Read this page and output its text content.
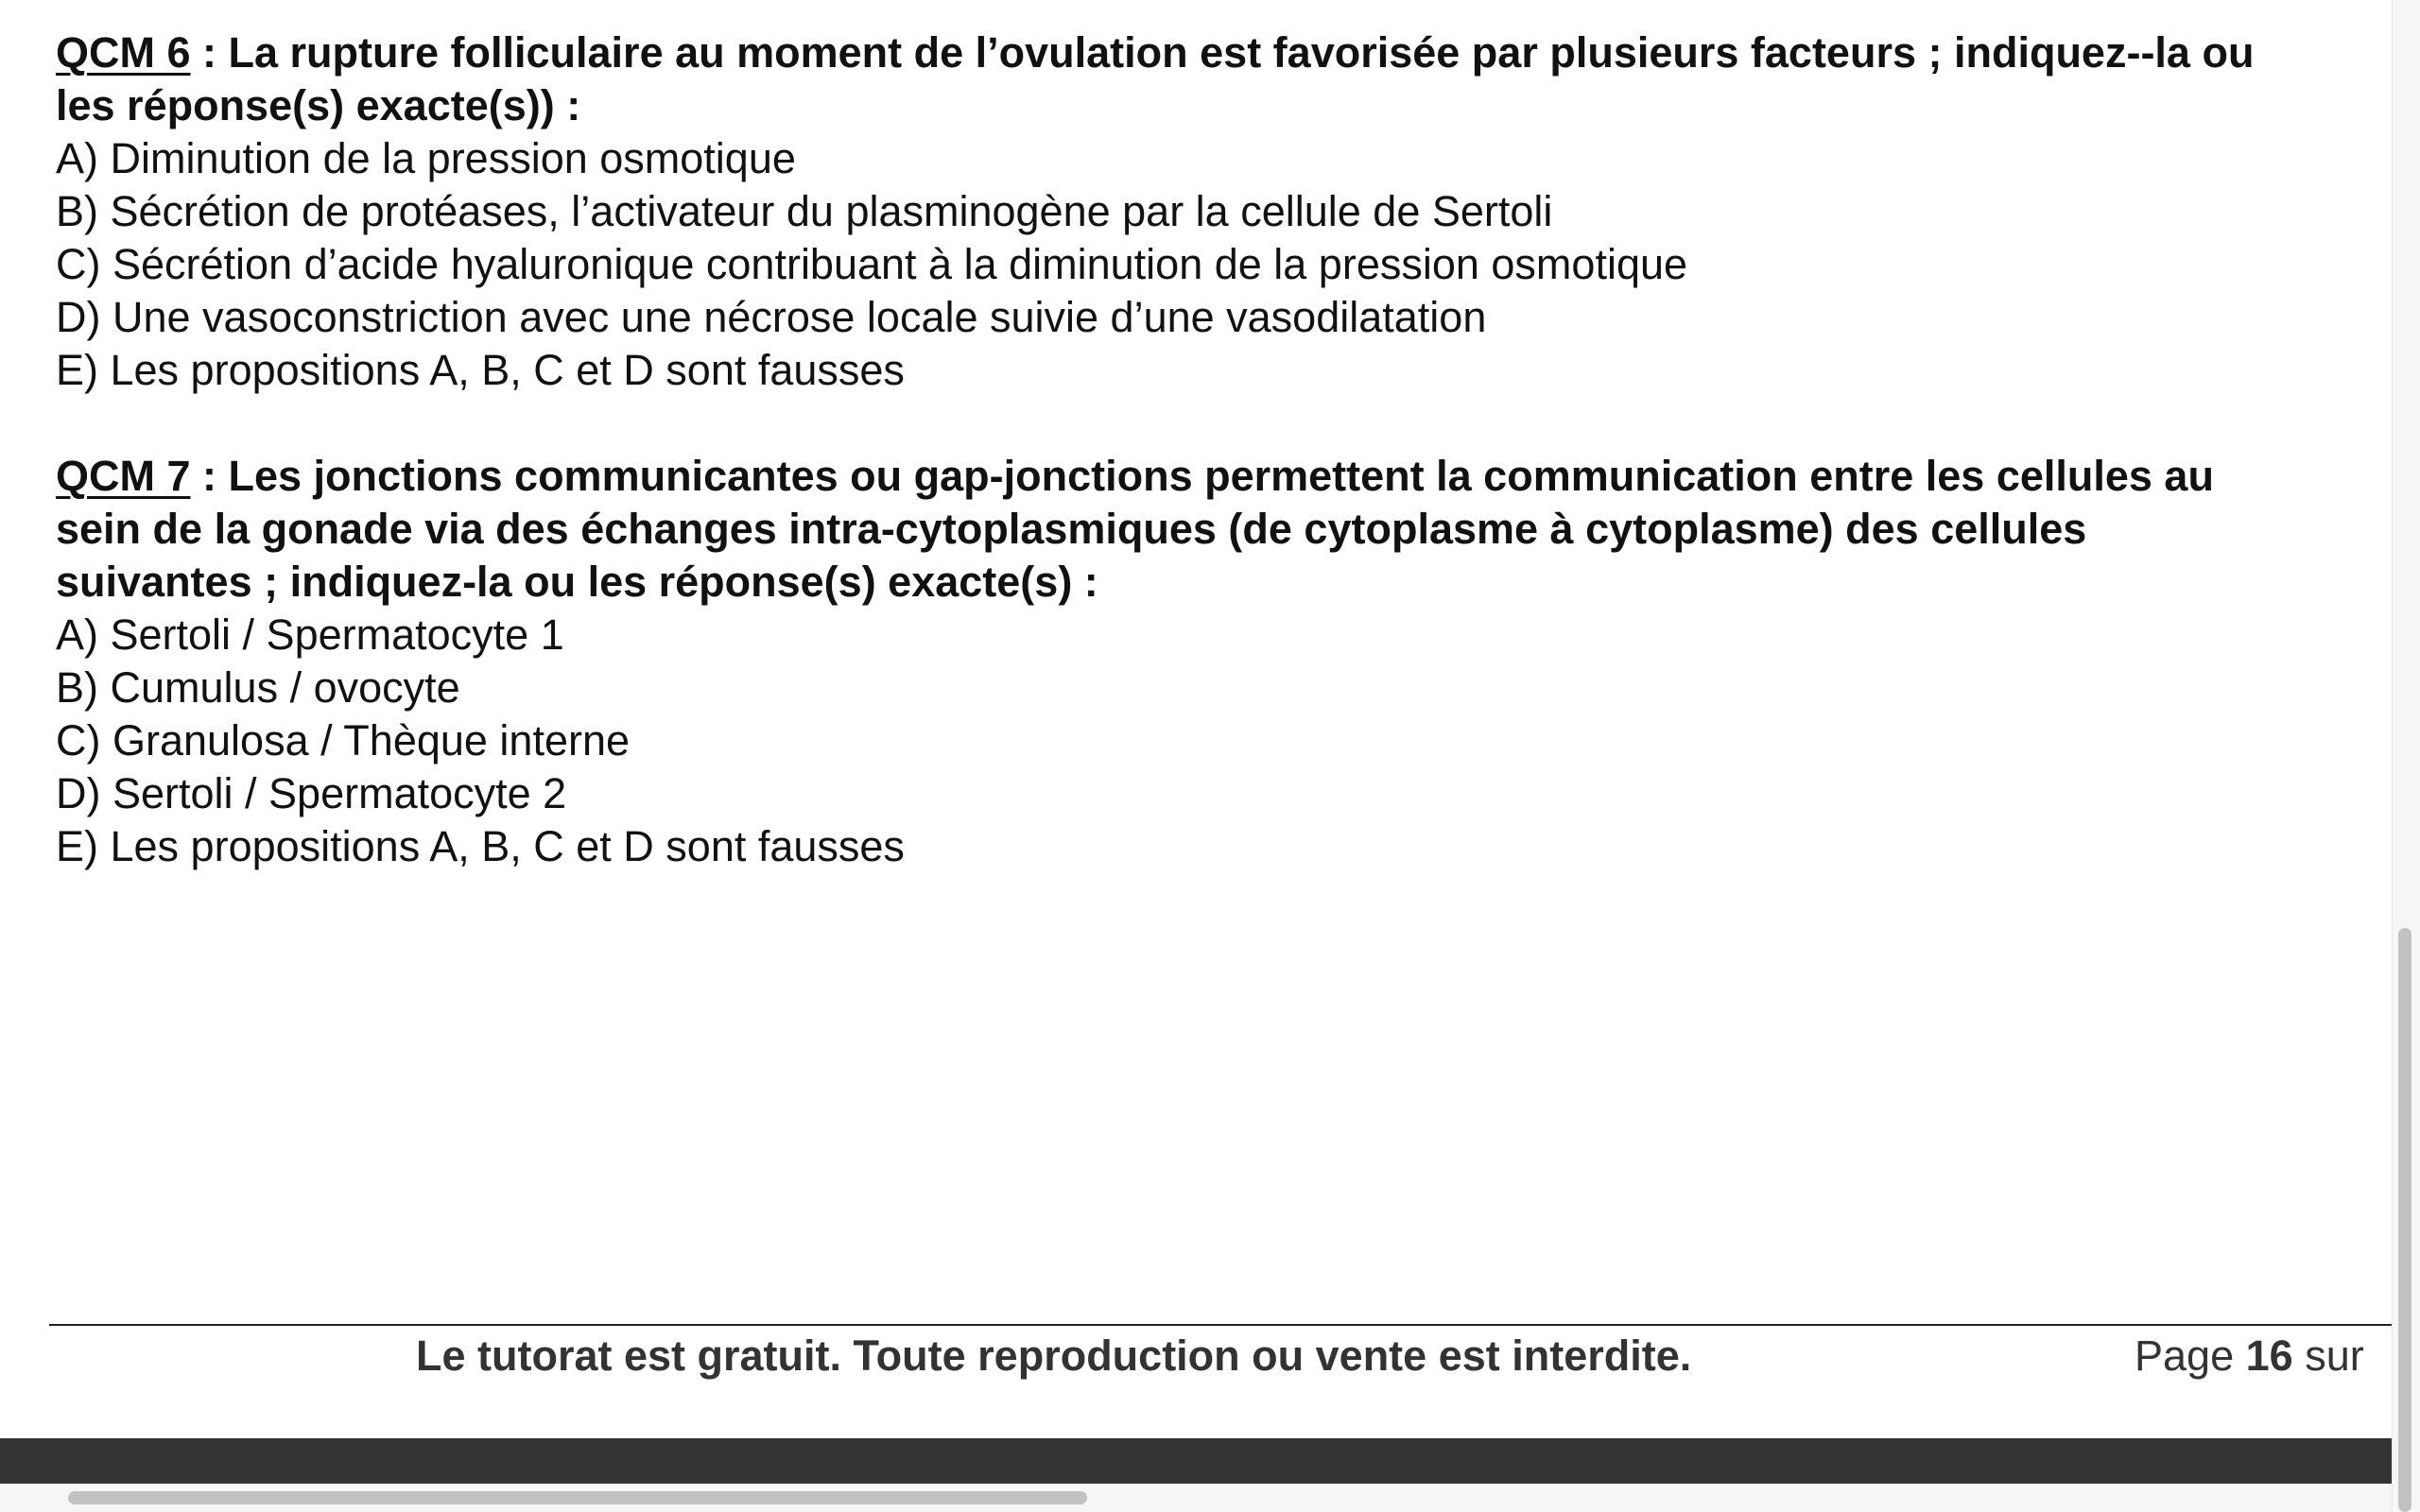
QCM 6 : La rupture folliculaire au moment de l’ovulation est favorisée par plusieurs facteurs ; indiquez--la ou
les réponse(s) exacte(s)) :
A) Diminution de la pression osmotique
B) Sécrétion de protéases, l’activateur du plasminogène par la cellule de Sertoli
C) Sécrétion d’acide hyaluronique contribuant à la diminution de la pression osmotique
D) Une vasoconstriction avec une nécrose locale suivie d’une vasodilatation
E) Les propositions A, B, C et D sont fausses
QCM 7 : Les jonctions communicantes ou gap-jonctions permettent la communication entre les cellules au
sein de la gonade via des échanges intra-cytoplasmiques (de cytoplasme à cytoplasme) des cellules
suivantes ; indiquez-la ou les réponse(s) exacte(s) :
A) Sertoli / Spermatocyte 1
B) Cumulus / ovocyte
C) Granulosa / Thèque interne
D) Sertoli / Spermatocyte 2
E) Les propositions A, B, C et D sont fausses
Le tutorat est gratuit. Toute reproduction ou vente est interdite.	Page 16 sur
